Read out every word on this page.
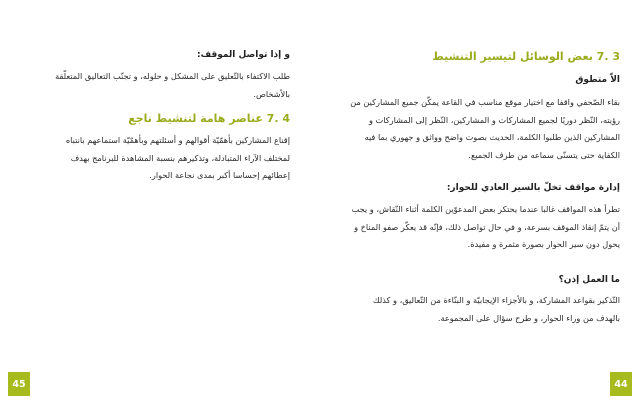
3 .7 بعض الوسائل لتيسير التنشيط
الاّ متطوق
بقاء الصّحفي واقفا مع اختيار موقع مناسب في القاعة يمكّن جميع المشاركين من رؤيته، النّظر دوريًا لجميع المشاركات و المشاركين، النّظر إلى المشاركات و المشاركين الذين طلبوا الكلمة، الحديث بصوت واضح وواثق و جهوري بما فيه الكفاية حتى يتسنّى سماعه من طرف الجميع.
إدارة مواقف تخلّ بالسير العادي للحوار:
تطرأ هذه المواقف غالبا عندما يحتكر بعض المدعوّين الكلمة أثناء النّقاش، و يجب أن يتمّ إنقاذ الموقف بسرعة، و في حال تواصل ذلك، فإنّه قد يعكّر صفو المناخ و يحول دون سير الحوار بصورة مثمرة و مفيدة.
ما العمل إذن؟
التّذكير بقواعد المشاركة، و بالأجزاء الإيجابيّة و البنّاءة من التّعاليق، و كذلك بالهدف من وراء الحوار، و طرح سؤال على المجموعة.
44
و إذا تواصل الموقف:
طلب الاكتفاء بالتّعليق على المشكل و حلوله، و تجنّب التعاليق المتعلّقة بالأشخاص.
4 .7 عناصر هامة لتنشيط ناجع
إقناع المشاركين بأهمّيّة أقوالهم و أسئلتهم وبأهمّيّة استماعهم بانتباه لمختلف الآراء المتبادلة، وتذكيرهم بنسبة المشاهدة للبرنامج بهدف إعطائهم إحساسا أكبر بمدى نجاعة الحوار.
45
